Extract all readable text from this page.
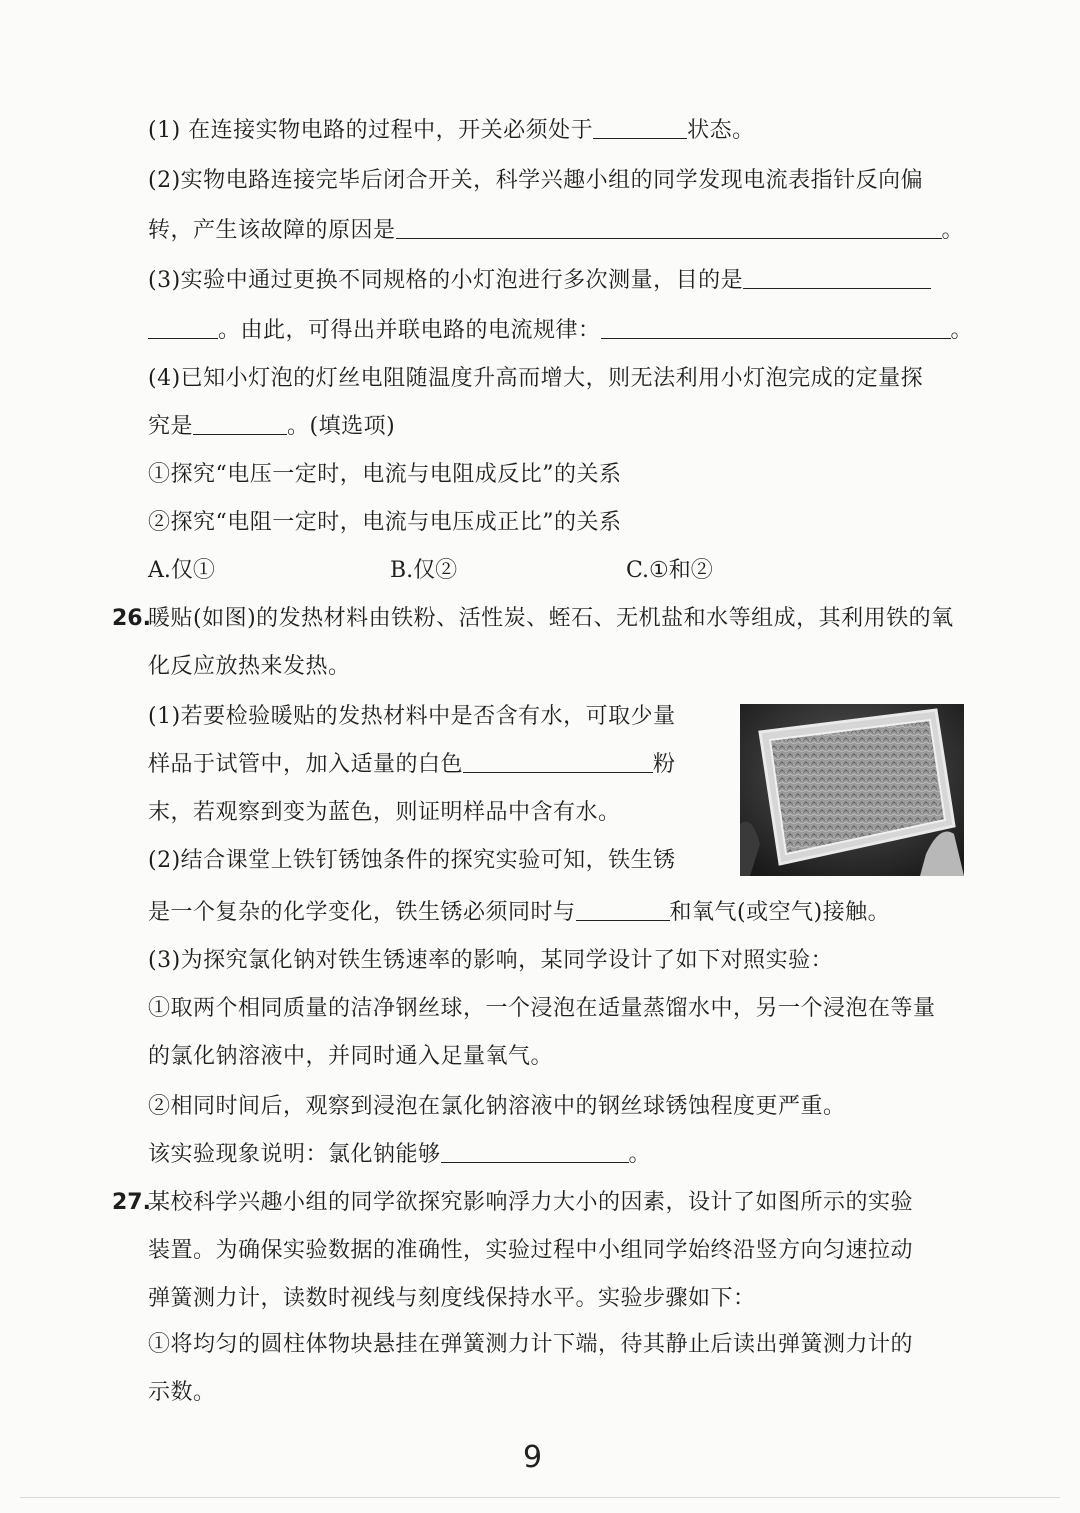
(1) 在连接实物电路的过程中，开关必须处于	状态。
(2)实物电路连接完毕后闭合开关，科学兴趣小组的同学发现电流表指针反向偏
转，产生该故障的原因是	。
(3)实验中通过更换不同规格的小灯泡进行多次测量，目的是
。由此，可得出并联电路的电流规律：	。
(4)已知小灯泡的灯丝电阻随温度升高而增大，则无法利用小灯泡完成的定量探
究是	。(填选项)
①探究“电压一定时，电流与电阻成反比”的关系
②探究“电阻一定时，电流与电压成正比”的关系
A.仅①	B.仅②	C.①和②
26.
暖贴(如图)的发热材料由铁粉、活性炭、蛭石、无机盐和水等组成，其利用铁的氧
化反应放热来发热。
(1)若要检验暖贴的发热材料中是否含有水，可取少量
样品于试管中，加入适量的白色	粉
末，若观察到变为蓝色，则证明样品中含有水。
(2)结合课堂上铁钉锈蚀条件的探究实验可知，铁生锈
是一个复杂的化学变化，铁生锈必须同时与	和氧气(或空气)接触。
(3)为探究氯化钠对铁生锈速率的影响，某同学设计了如下对照实验：
①取两个相同质量的洁净钢丝球，一个浸泡在适量蒸馏水中，另一个浸泡在等量
的氯化钠溶液中，并同时通入足量氧气。
②相同时间后，观察到浸泡在氯化钠溶液中的钢丝球锈蚀程度更严重。
该实验现象说明：氯化钠能够	。
27.
某校科学兴趣小组的同学欲探究影响浮力大小的因素，设计了如图所示的实验
装置。为确保实验数据的准确性，实验过程中小组同学始终沿竖方向匀速拉动
弹簧测力计，读数时视线与刻度线保持水平。实验步骤如下：
①将均匀的圆柱体物块悬挂在弹簧测力计下端，待其静止后读出弹簧测力计的
示数。
9
